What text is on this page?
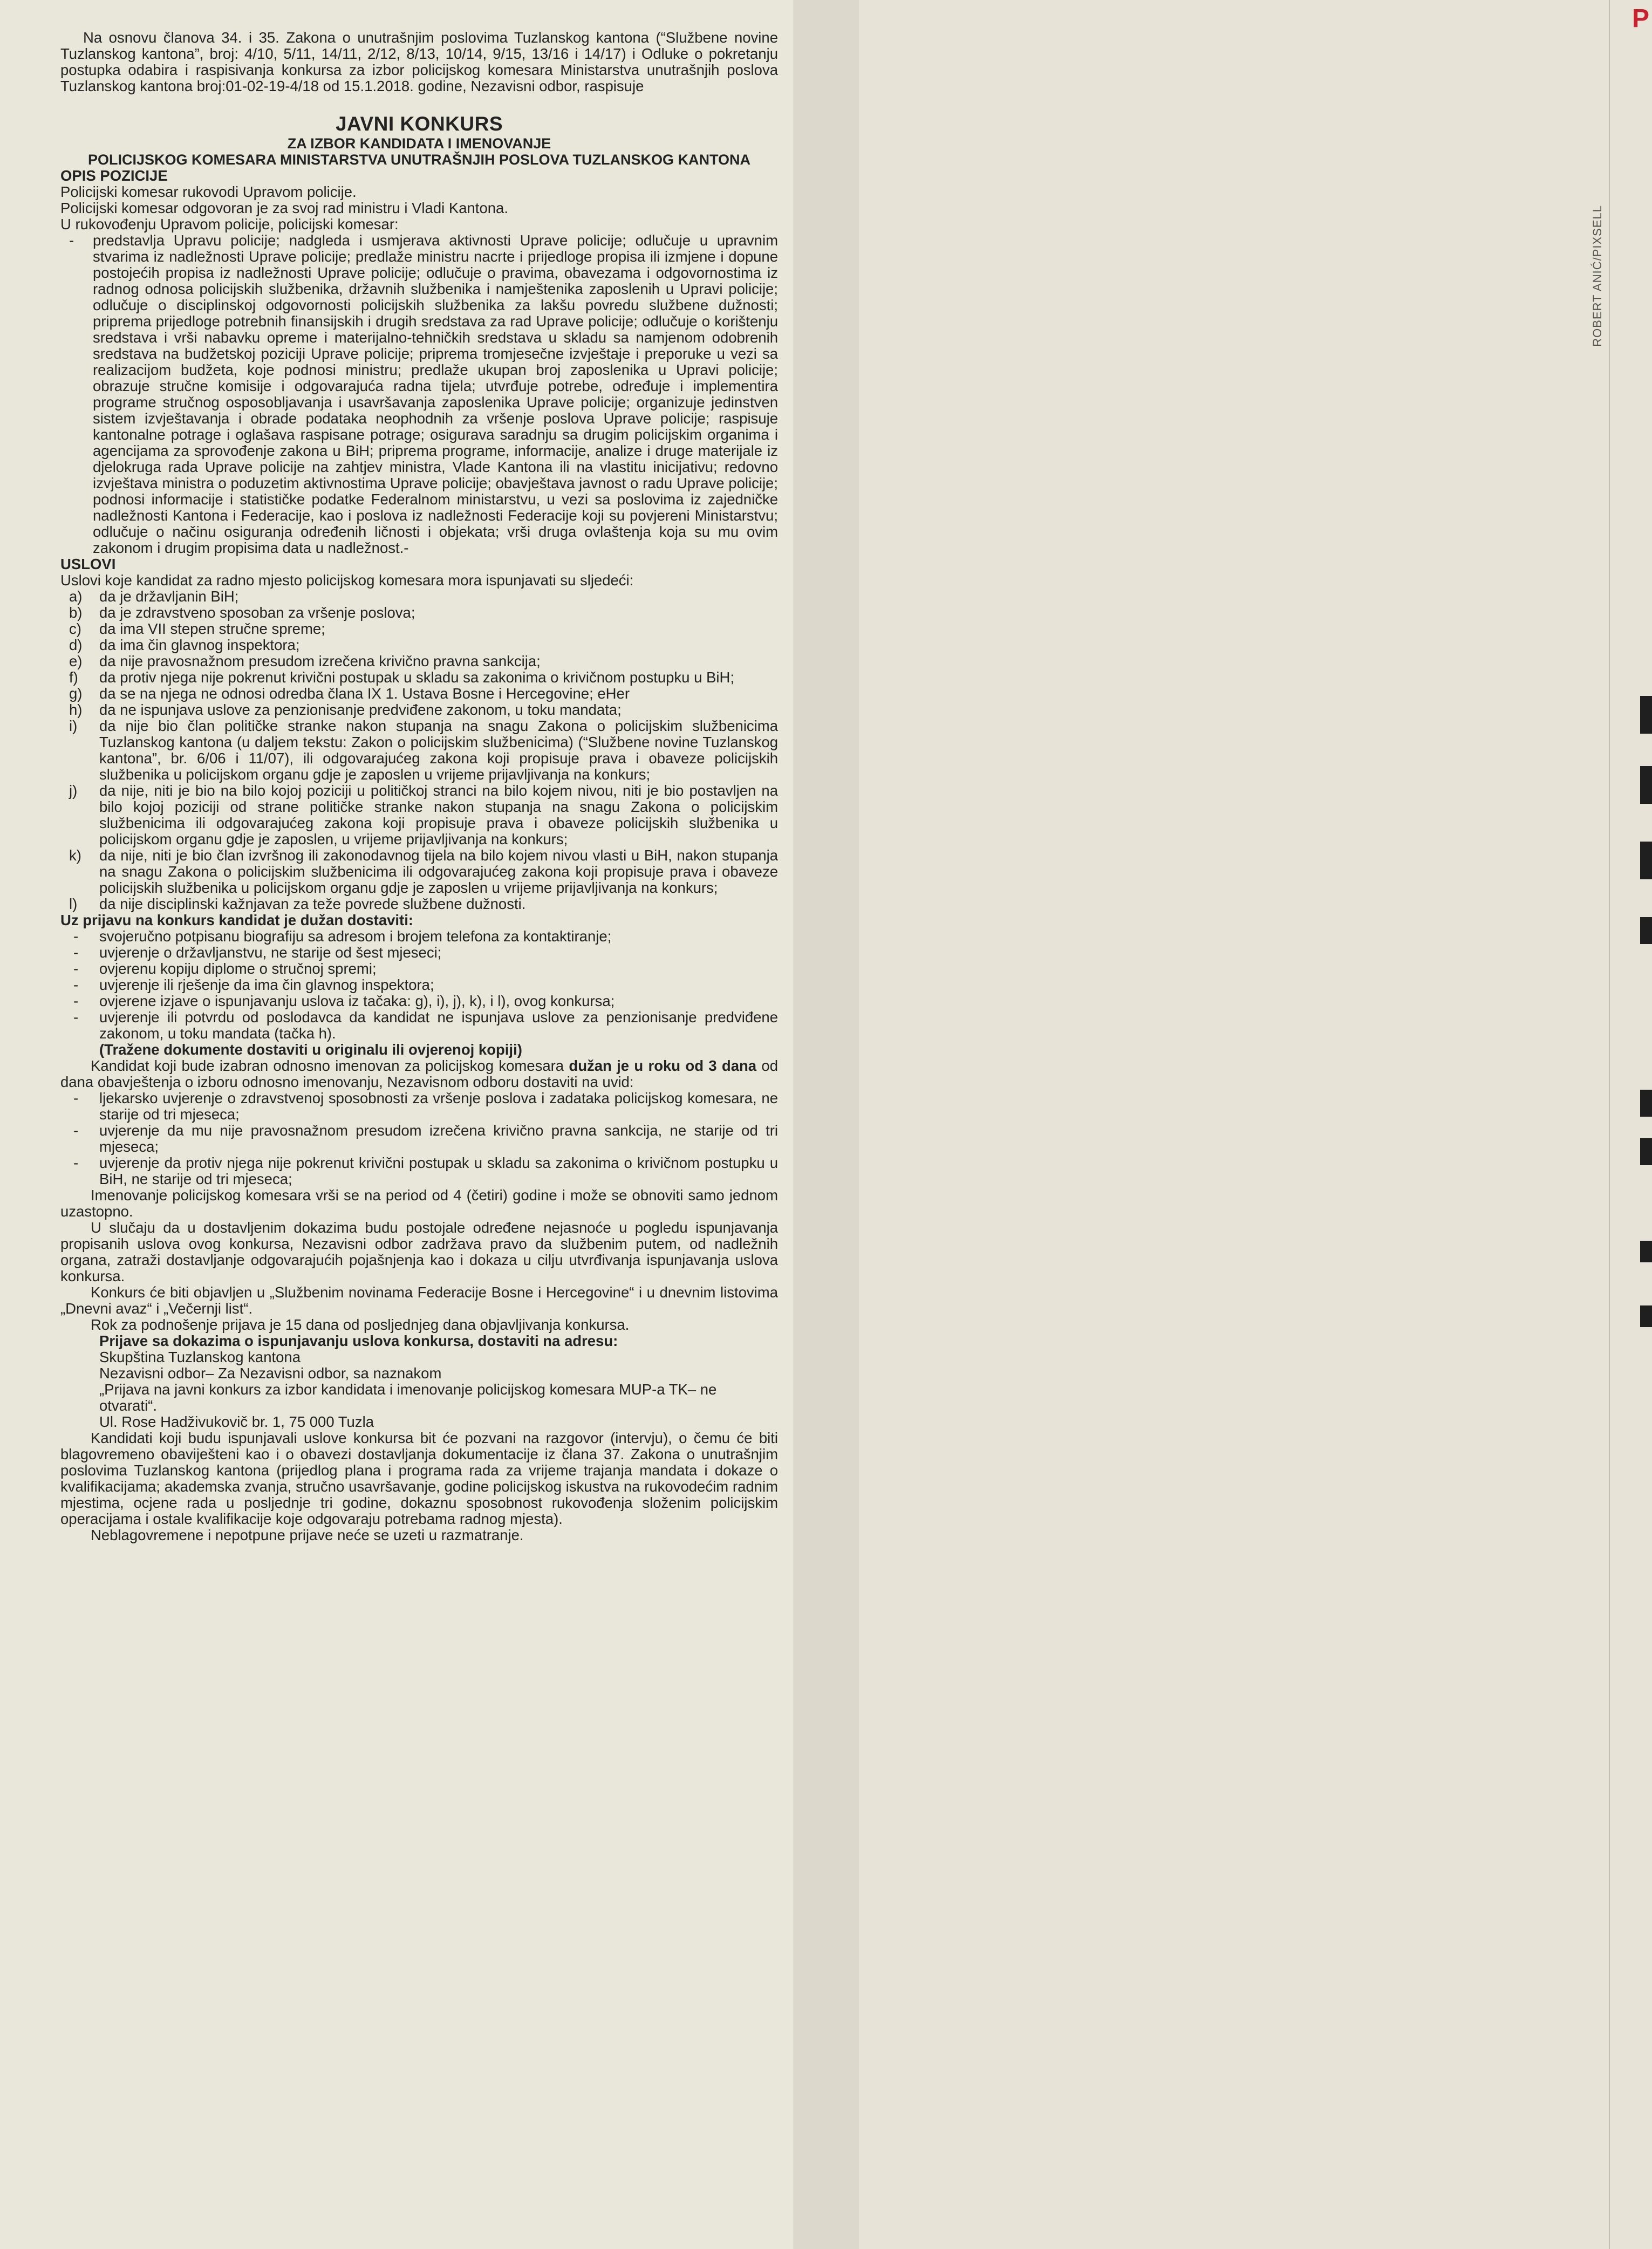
Na osnovu članova 34. i 35. Zakona o unutrašnjim poslovima Tuzlanskog kantona (“Službene novine Tuzlanskog kantona”, broj: 4/10, 5/11, 14/11, 2/12, 8/13, 10/14, 9/15, 13/16 i 14/17) i Odluke o pokretanju postupka odabira i raspisivanja konkursa za izbor policijskog komesara Ministarstva unutrašnjih poslova Tuzlanskog kantona broj:01-02-19-4/18 od 15.1.2018. godine, Nezavisni odbor, raspisuje

JAVNI KONKURS
ZA IZBOR KANDIDATA I IMENOVANJE
POLICIJSKOG KOMESARA MINISTARSTVA UNUTRAŠNJIH POSLOVA TUZLANSKOG KANTONA

OPIS POZICIJE

Policijski komesar rukovodi Upravom policije.

Policijski komesar odgovoran je za svoj rad ministru i Vladi Kantona.

U rukovođenju Upravom policije, policijski komesar:

- predstavlja Upravu policije; nadgleda i usmjerava aktivnosti Uprave policije; odlučuje u upravnim stvarima iz nadležnosti Uprave policije; predlaže ministru nacrte i prijedloge propisa ili izmjene i dopune postojećih propisa iz nadležnosti Uprave policije; odlučuje o pravima, obavezama i odgovornostima iz radnog odnosa policijskih službenika, državnih službenika i namještenika zaposlenih u Upravi policije; odlučuje o disciplinskoj odgovornosti policijskih službenika za lakšu povredu službene dužnosti; priprema prijedloge potrebnih finansijskih i drugih sredstava za rad Uprave policije; odlučuje o korištenju sredstava i vrši nabavku opreme i materijalno-tehničkih sredstava u skladu sa namjenom odobrenih sredstava na budžetskoj poziciji Uprave policije; priprema tromjesečne izvještaje i preporuke u vezi sa realizacijom budžeta, koje podnosi ministru; predlaže ukupan broj zaposlenika u Upravi policije; obrazuje stručne komisije i odgovarajuća radna tijela; utvrđuje potrebe, određuje i implementira programe stručnog osposobljavanja i usavršavanja zaposlenika Uprave policije; organizuje jedinstven sistem izvještavanja i obrade podataka neophodnih za vršenje poslova Uprave policije; raspisuje kantonalne potrage i oglašava raspisane potrage; osigurava saradnju sa drugim policijskim organima i agencijama za sprovođenje zakona u BiH; priprema programe, informacije, analize i druge materijale iz djelokruga rada Uprave policije na zahtjev ministra, Vlade Kantona ili na vlastitu inicijativu; redovno izvještava ministra o poduzetim aktivnostima Uprave policije; obavještava javnost o radu Uprave policije; podnosi informacije i statističke podatke Federalnom ministarstvu, u vezi sa poslovima iz zajedničke nadležnosti Kantona i Federacije, kao i poslova iz nadležnosti Federacije koji su povjereni Ministarstvu; odlučuje o načinu osiguranja određenih ličnosti i objekata; vrši druga ovlaštenja koja su mu ovim zakonom i drugim propisima data u nadležnost.-

USLOVI

Uslovi koje kandidat za radno mjesto policijskog komesara mora ispunjavati su sljedeći:

a)	da je državljanin BiH;
b)	da je zdravstveno sposoban za vršenje poslova;
c)	da ima VII stepen stručne spreme;
d)	da ima čin glavnog inspektora;
e)	da nije pravosnažnom presudom izrečena krivično pravna sankcija;
f)	da protiv njega nije pokrenut krivični postupak u skladu sa zakonima o krivičnom postupku u BiH;
g)	da se na njega ne odnosi odredba člana IX 1. Ustava Bosne i Hercegovine; eHer
h)	da ne ispunjava uslove za penzionisanje predviđene zakonom, u toku mandata;
i)	da nije bio član političke stranke nakon stupanja na snagu Zakona o policijskim službenicima Tuzlanskog kantona (u daljem tekstu: Zakon o policijskim službenicima) (“Službene novine Tuzlanskog kantona”, br. 6/06 i 11/07), ili odgovarajućeg zakona koji propisuje prava i obaveze policijskih službenika u policijskom organu gdje je zaposlen u vrijeme prijavljivanja na konkurs;
j)	da nije, niti je bio na bilo kojoj poziciji u političkoj stranci na bilo kojem nivou, niti je bio postavljen na bilo kojoj poziciji od strane političke stranke nakon stupanja na snagu Zakona o policijskim službenicima ili odgovarajućeg zakona koji propisuje prava i obaveze policijskih službenika u policijskom organu gdje je zaposlen, u vrijeme prijavljivanja na konkurs;
k)	da nije, niti je bio član izvršnog ili zakonodavnog tijela na bilo kojem nivou vlasti u BiH, nakon stupanja na snagu Zakona o policijskim službenicima ili odgovarajućeg zakona koji propisuje prava i obaveze policijskih službenika u policijskom organu gdje je zaposlen u vrijeme prijavljivanja na konkurs;
l)	da nije disciplinski kažnjavan za teže povrede službene dužnosti.

Uz prijavu na konkurs kandidat je dužan dostaviti:

- svojeručno potpisanu biografiju sa adresom i brojem telefona za kontaktiranje;
- uvjerenje o državljanstvu, ne starije od šest mjeseci;
- ovjerenu kopiju diplome o stručnoj spremi;
- uvjerenje ili rješenje da ima čin glavnog inspektora;
- ovjerene izjave o ispunjavanju uslova iz tačaka: g), i), j), k), i l), ovog konkursa;
- uvjerenje ili potvrdu od poslodavca da kandidat ne ispunjava uslove za penzionisanje predviđene zakonom, u toku mandata (tačka h).

(Tražene dokumente dostaviti u originalu ili ovjerenoj kopiji)

Kandidat koji bude izabran odnosno imenovan za policijskog komesara dužan je u roku od 3 dana od dana obavještenja o izboru odnosno imenovanju, Nezavisnom odboru dostaviti na uvid:

- ljekarsko uvjerenje o zdravstvenoj sposobnosti za vršenje poslova i zadataka policijskog komesara, ne starije od tri mjeseca;
- uvjerenje da mu nije pravosnažnom presudom izrečena krivično pravna sankcija, ne starije od tri mjeseca;
- uvjerenje da protiv njega nije pokrenut krivični postupak u skladu sa zakonima o krivičnom postupku u BiH, ne starije od tri mjeseca;

Imenovanje policijskog komesara vrši se na period od 4 (četiri) godine i može se obnoviti samo jednom uzastopno.

U slučaju da u dostavljenim dokazima budu postojale određene nejasnoće u pogledu ispunjavanja propisanih uslova ovog konkursa, Nezavisni odbor zadržava pravo da službenim putem, od nadležnih organa, zatraži dostavljanje odgovarajućih pojašnjenja kao i dokaza u cilju utvrđivanja ispunjavanja uslova konkursa.

Konkurs će biti objavljen u „Službenim novinama Federacije Bosne i Hercegovine“ i u dnevnim listovima „Dnevni avaz“ i „Večernji list“.

Rok za podnošenje prijava je 15 dana od posljednjeg dana objavljivanja konkursa.

Prijave sa dokazima o ispunjavanju uslova konkursa, dostaviti na adresu:

Skupština Tuzlanskog kantona

Nezavisni odbor– Za Nezavisni odbor, sa naznakom

„Prijava na javni konkurs za izbor kandidata i imenovanje policijskog komesara MUP-a TK– ne otvarati“.

Ul. Rose Hadživukovič br. 1, 75 000 Tuzla

Kandidati koji budu ispunjavali uslove konkursa bit će pozvani na razgovor (intervju), o čemu će biti blagovremeno obaviješteni kao i o obavezi dostavljanja dokumentacije iz člana 37. Zakona o unutrašnjim poslovima Tuzlanskog kantona (prijedlog plana i programa rada za vrijeme trajanja mandata i dokaze o kvalifikacijama; akademska zvanja, stručno usavršavanje, godine policijskog iskustva na rukovodećim radnim mjestima, ocjene rada u posljednje tri godine, dokaznu sposobnost rukovođenja složenim policijskim operacijama i ostale kvalifikacije koje odgovaraju potrebama radnog mjesta).

Neblagovremene i nepotpune prijave neće se uzeti u razmatranje.

P
ROBERT ANIĆ/PIXSELL
